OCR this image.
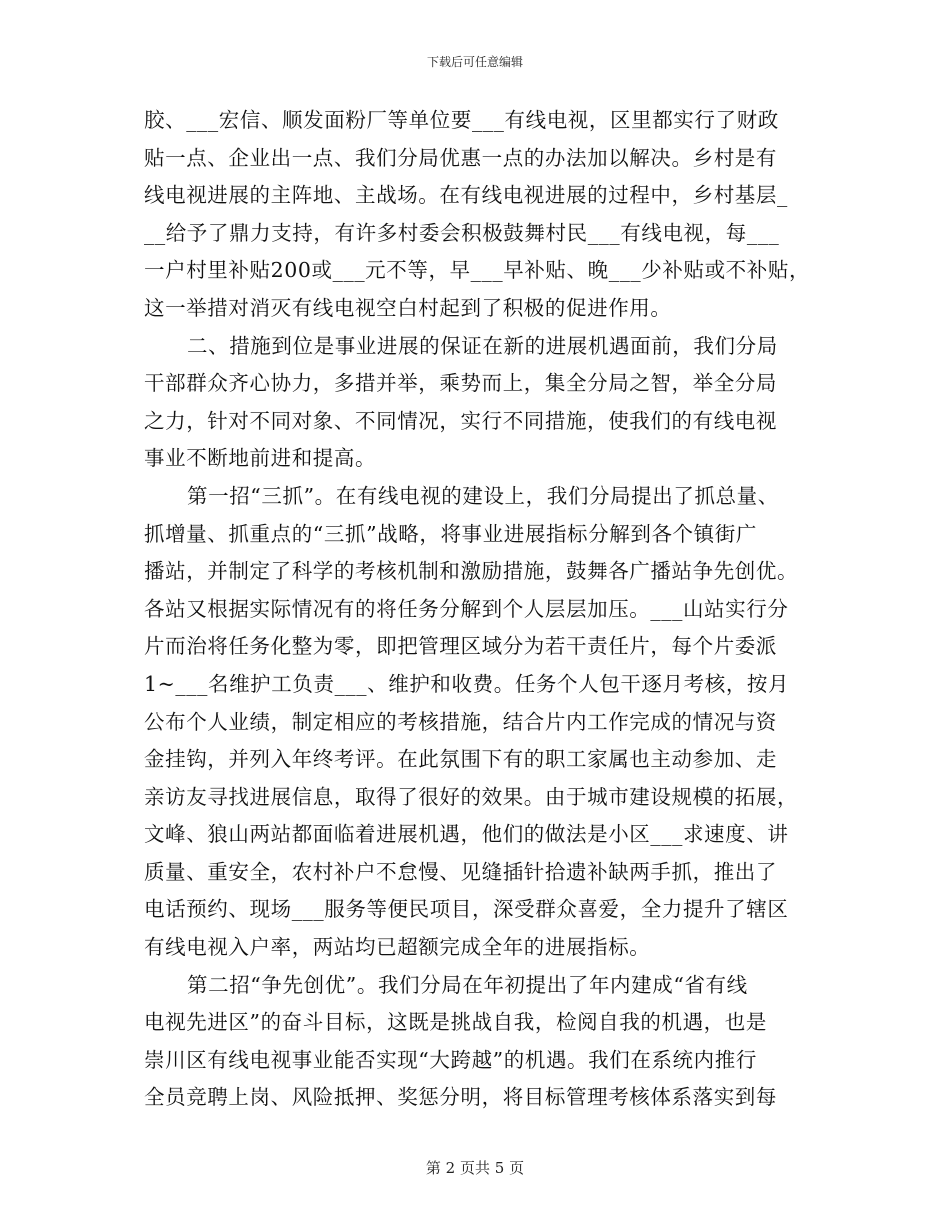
下载后可任意编辑
胶、___宏信、顺发面粉厂等单位要___有线电视，区里都实行了财政
贴一点、企业出一点、我们分局优惠一点的办法加以解决。乡村是有
线电视进展的主阵地、主战场。在有线电视进展的过程中，乡村基层_
__给予了鼎力支持，有许多村委会积极鼓舞村民___有线电视，每___
一户村里补贴200或___元不等，早___早补贴、晚___少补贴或不补贴，
这一举措对消灭有线电视空白村起到了积极的促进作用。
二、措施到位是事业进展的保证在新的进展机遇面前，我们分局
干部群众齐心协力，多措并举，乘势而上，集全分局之智，举全分局
之力，针对不同对象、不同情况，实行不同措施，使我们的有线电视
事业不断地前进和提高。
第一招“三抓”。在有线电视的建设上，我们分局提出了抓总量、
抓增量、抓重点的“三抓”战略，将事业进展指标分解到各个镇街广
播站，并制定了科学的考核机制和激励措施，鼓舞各广播站争先创优。
各站又根据实际情况有的将任务分解到个人层层加压。___山站实行分
片而治将任务化整为零，即把管理区域分为若干责任片，每个片委派
1~___名维护工负责___、维护和收费。任务个人包干逐月考核，按月
公布个人业绩，制定相应的考核措施，结合片内工作完成的情况与资
金挂钩，并列入年终考评。在此氛围下有的职工家属也主动参加、走
亲访友寻找进展信息，取得了很好的效果。由于城市建设规模的拓展，
文峰、狼山两站都面临着进展机遇，他们的做法是小区___求速度、讲
质量、重安全，农村补户不怠慢、见缝插针拾遗补缺两手抓，推出了
电话预约、现场___服务等便民项目，深受群众喜爱，全力提升了辖区
有线电视入户率，两站均已超额完成全年的进展指标。
第二招“争先创优”。我们分局在年初提出了年内建成“省有线
电视先进区”的奋斗目标，这既是挑战自我，检阅自我的机遇，也是
崇川区有线电视事业能否实现“大跨越”的机遇。我们在系统内推行
全员竞聘上岗、风险抵押、奖惩分明，将目标管理考核体系落实到每
第 2 页共 5 页
